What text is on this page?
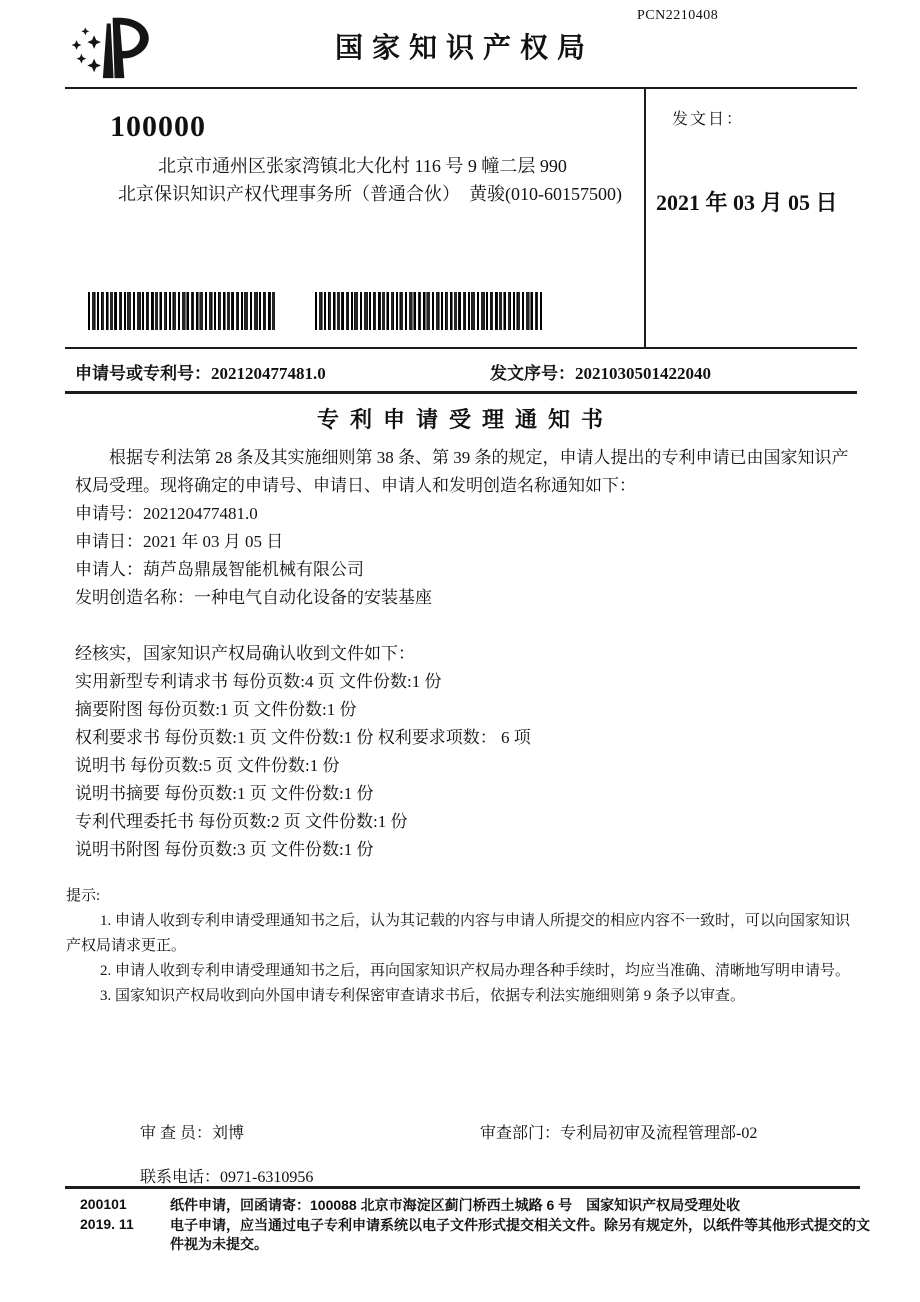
PCN2210408
国家知识产权局
100000
北京市通州区张家湾镇北大化村 116 号 9 幢二层 990
北京保识知识产权代理事务所（普通合伙）　黄骏(010-60157500)
发文日：
2021 年 03 月 05 日
申请号或专利号：202120477481.0	发文序号：2021030501422040
专利申请受理通知书

根据专利法第 28 条及其实施细则第 38 条、第 39 条的规定，申请人提出的专利申请已由国家知识产权局受理。现将确定的申请号、申请日、申请人和发明创造名称通知如下：

申请号：202120477481.0

申请日：2021 年 03 月 05 日

申请人：葫芦岛鼎晟智能机械有限公司

发明创造名称：一种电气自动化设备的安装基座

经核实，国家知识产权局确认收到文件如下：

实用新型专利请求书 每份页数:4 页 文件份数:1 份

摘要附图 每份页数:1 页 文件份数:1 份

权利要求书 每份页数:1 页 文件份数:1 份 权利要求项数： 6 项

说明书 每份页数:5 页 文件份数:1 份

说明书摘要 每份页数:1 页 文件份数:1 份

专利代理委托书 每份页数:2 页 文件份数:1 份

说明书附图 每份页数:3 页 文件份数:1 份

提示:

1. 申请人收到专利申请受理通知书之后，认为其记载的内容与申请人所提交的相应内容不一致时，可以向国家知识产权局请求更正。

2. 申请人收到专利申请受理通知书之后，再向国家知识产权局办理各种手续时，均应当准确、清晰地写明申请号。

3. 国家知识产权局收到向外国申请专利保密审查请求书后，依据专利法实施细则第 9 条予以审查。

审 查 员：刘博	审查部门：专利局初审及流程管理部-02
联系电话：0971-6310956
200101	纸件申请，回函请寄：100088 北京市海淀区蓟门桥西土城路 6 号　国家知识产权局受理处收
2019. 11	电子申请，应当通过电子专利申请系统以电子文件形式提交相关文件。除另有规定外，以纸件等其他形式提交的文件视为未提交。
